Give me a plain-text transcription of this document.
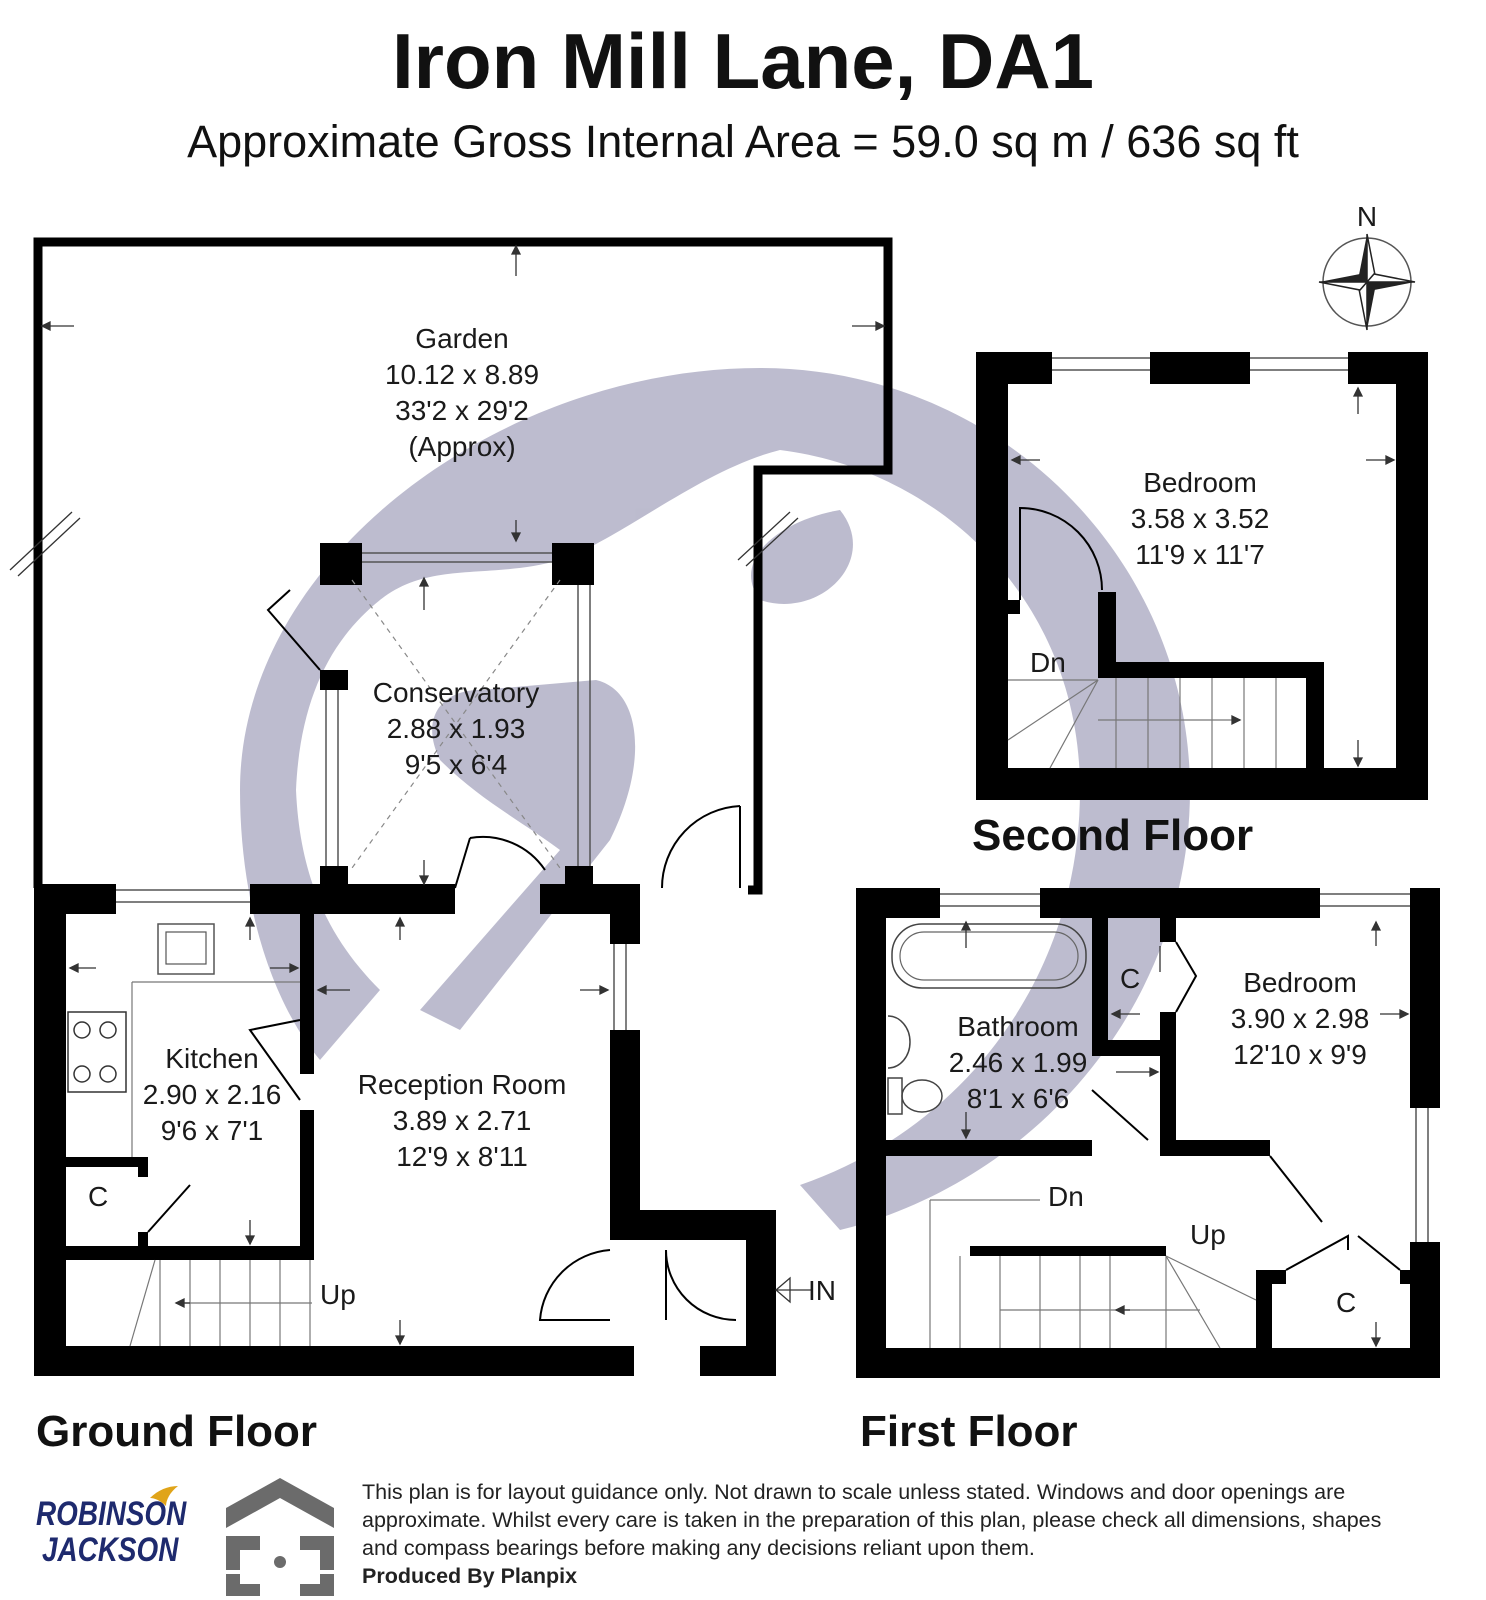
Iron Mill Lane, DA1
Approximate Gross Internal Area = 59.0 sq m / 636 sq ft
N
Garden
10.12 x 8.89
33'2 x 29'2
(Approx)
Conservatory
2.88 x 1.93
9'5 x 6'4
Kitchen
2.90 x 2.16
9'6 x 7'1
Reception Room
3.89 x 2.71
12'9 x 8'11
Bedroom
3.58 x 3.52
11'9 x 11'7
Bathroom
2.46 x 1.99
8'1 x 6'6
Bedroom
3.90 x 2.98
12'10 x 9'9
C
C
C
Up
Up
Dn
Dn
IN
Second Floor
Ground Floor	First Floor
ROBINSON
JACKSON
This plan is for layout guidance only. Not drawn to scale unless stated. Windows and door openings are approximate. Whilst every care is taken in the preparation of this plan, please check all dimensions, shapes and compass bearings before making any decisions reliant upon them.
Produced By Planpix
